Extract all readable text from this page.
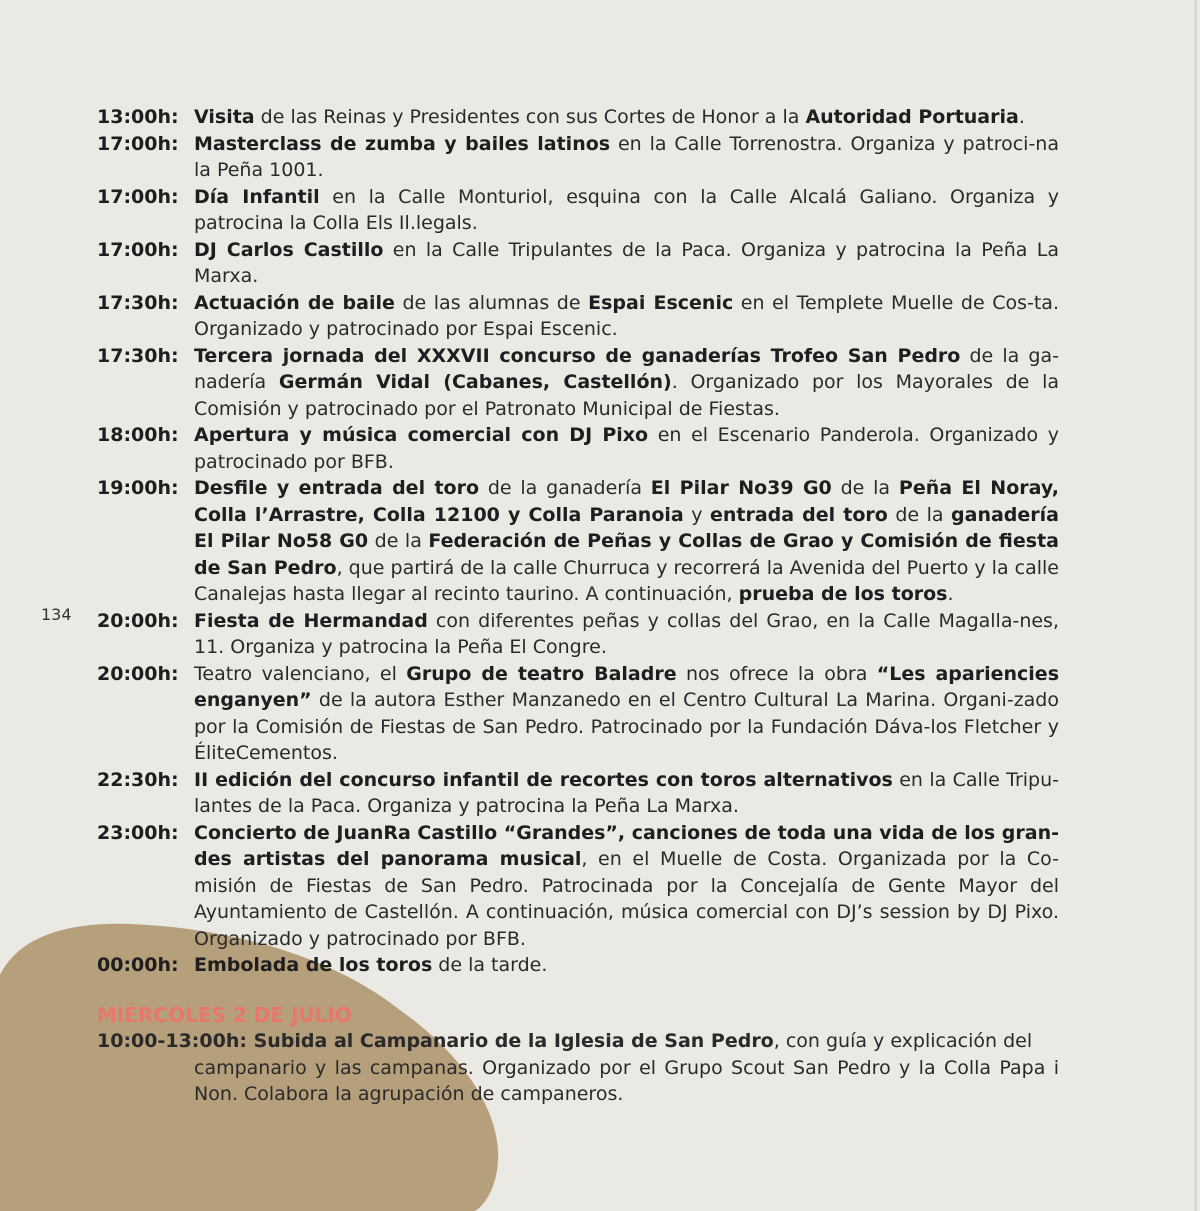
134
13:00h: Visita de las Reinas y Presidentes con sus Cortes de Honor a la Autoridad Portuaria.
17:00h: Masterclass de zumba y bailes latinos en la Calle Torrenostra. Organiza y patroci-na la Peña 1001.
17:00h: Día Infantil en la Calle Monturiol, esquina con la Calle Alcalá Galiano. Organiza y patrocina la Colla Els Il.legals.
17:00h: DJ Carlos Castillo en la Calle Tripulantes de la Paca. Organiza y patrocina la Peña La Marxa.
17:30h: Actuación de baile de las alumnas de Espai Escenic en el Templete Muelle de Cos-ta. Organizado y patrocinado por Espai Escenic.
17:30h: Tercera jornada del XXXVII concurso de ganaderías Trofeo San Pedro de la ga-nadería Germán Vidal (Cabanes, Castellón). Organizado por los Mayorales de la Comisión y patrocinado por el Patronato Municipal de Fiestas.
18:00h: Apertura y música comercial con DJ Pixo en el Escenario Panderola. Organizado y patrocinado por BFB.
19:00h: Desfile y entrada del toro de la ganadería El Pilar No39 G0 de la Peña El Noray, Colla l’Arrastre, Colla 12100 y Colla Paranoia y entrada del toro de la ganadería El Pilar No58 G0 de la Federación de Peñas y Collas de Grao y Comisión de fiesta de San Pedro, que partirá de la calle Churruca y recorrerá la Avenida del Puerto y la calle Canalejas hasta llegar al recinto taurino. A continuación, prueba de los toros.
20:00h: Fiesta de Hermandad con diferentes peñas y collas del Grao, en la Calle Magalla-nes, 11. Organiza y patrocina la Peña El Congre.
20:00h: Teatro valenciano, el Grupo de teatro Baladre nos ofrece la obra “Les apariencies enganyen” de la autora Esther Manzanedo en el Centro Cultural La Marina. Organi-zado por la Comisión de Fiestas de San Pedro. Patrocinado por la Fundación Dáva-los Fletcher y ÉliteCementos.
22:30h: II edición del concurso infantil de recortes con toros alternativos en la Calle Tripu-lantes de la Paca. Organiza y patrocina la Peña La Marxa.
23:00h: Concierto de JuanRa Castillo “Grandes”, canciones de toda una vida de los gran-des artistas del panorama musical, en el Muelle de Costa. Organizada por la Co-misión de Fiestas de San Pedro. Patrocinada por la Concejalía de Gente Mayor del Ayuntamiento de Castellón. A continuación, música comercial con DJ’s session by DJ Pixo. Organizado y patrocinado por BFB.
00:00h: Embolada de los toros de la tarde.
MIÉRCOLES 2 DE JULIO
10:00-13:00h: Subida al Campanario de la Iglesia de San Pedro, con guía y explicación del
campanario y las campanas. Organizado por el Grupo Scout San Pedro y la Colla Papa i Non. Colabora la agrupación de campaneros.
